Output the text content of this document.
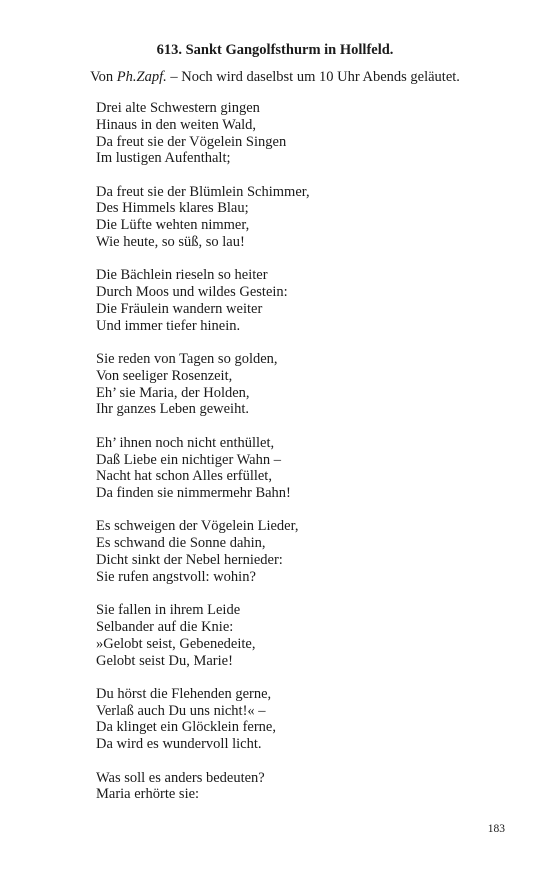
613. Sankt Gangolfsthurm in Hollfeld.
Von Ph.Zapf. – Noch wird daselbst um 10 Uhr Abends geläutet.
Drei alte Schwestern gingen
Hinaus in den weiten Wald,
Da freut sie der Vögelein Singen
Im lustigen Aufenthalt;
Da freut sie der Blümlein Schimmer,
Des Himmels klares Blau;
Die Lüfte wehten nimmer,
Wie heute, so süß, so lau!
Die Bächlein rieseln so heiter
Durch Moos und wildes Gestein:
Die Fräulein wandern weiter
Und immer tiefer hinein.
Sie reden von Tagen so golden,
Von seeliger Rosenzeit,
Eh’ sie Maria, der Holden,
Ihr ganzes Leben geweiht.
Eh’ ihnen noch nicht enthüllet,
Daß Liebe ein nichtiger Wahn –
Nacht hat schon Alles erfüllet,
Da finden sie nimmermehr Bahn!
Es schweigen der Vögelein Lieder,
Es schwand die Sonne dahin,
Dicht sinkt der Nebel hernieder:
Sie rufen angstvoll: wohin?
Sie fallen in ihrem Leide
Selbander auf die Knie:
»Gelobt seist, Gebenedeite,
Gelobt seist Du, Marie!
Du hörst die Flehenden gerne,
Verlaß auch Du uns nicht!« –
Da klinget ein Glöcklein ferne,
Da wird es wundervoll licht.
Was soll es anders bedeuten?
Maria erhörte sie:
183
